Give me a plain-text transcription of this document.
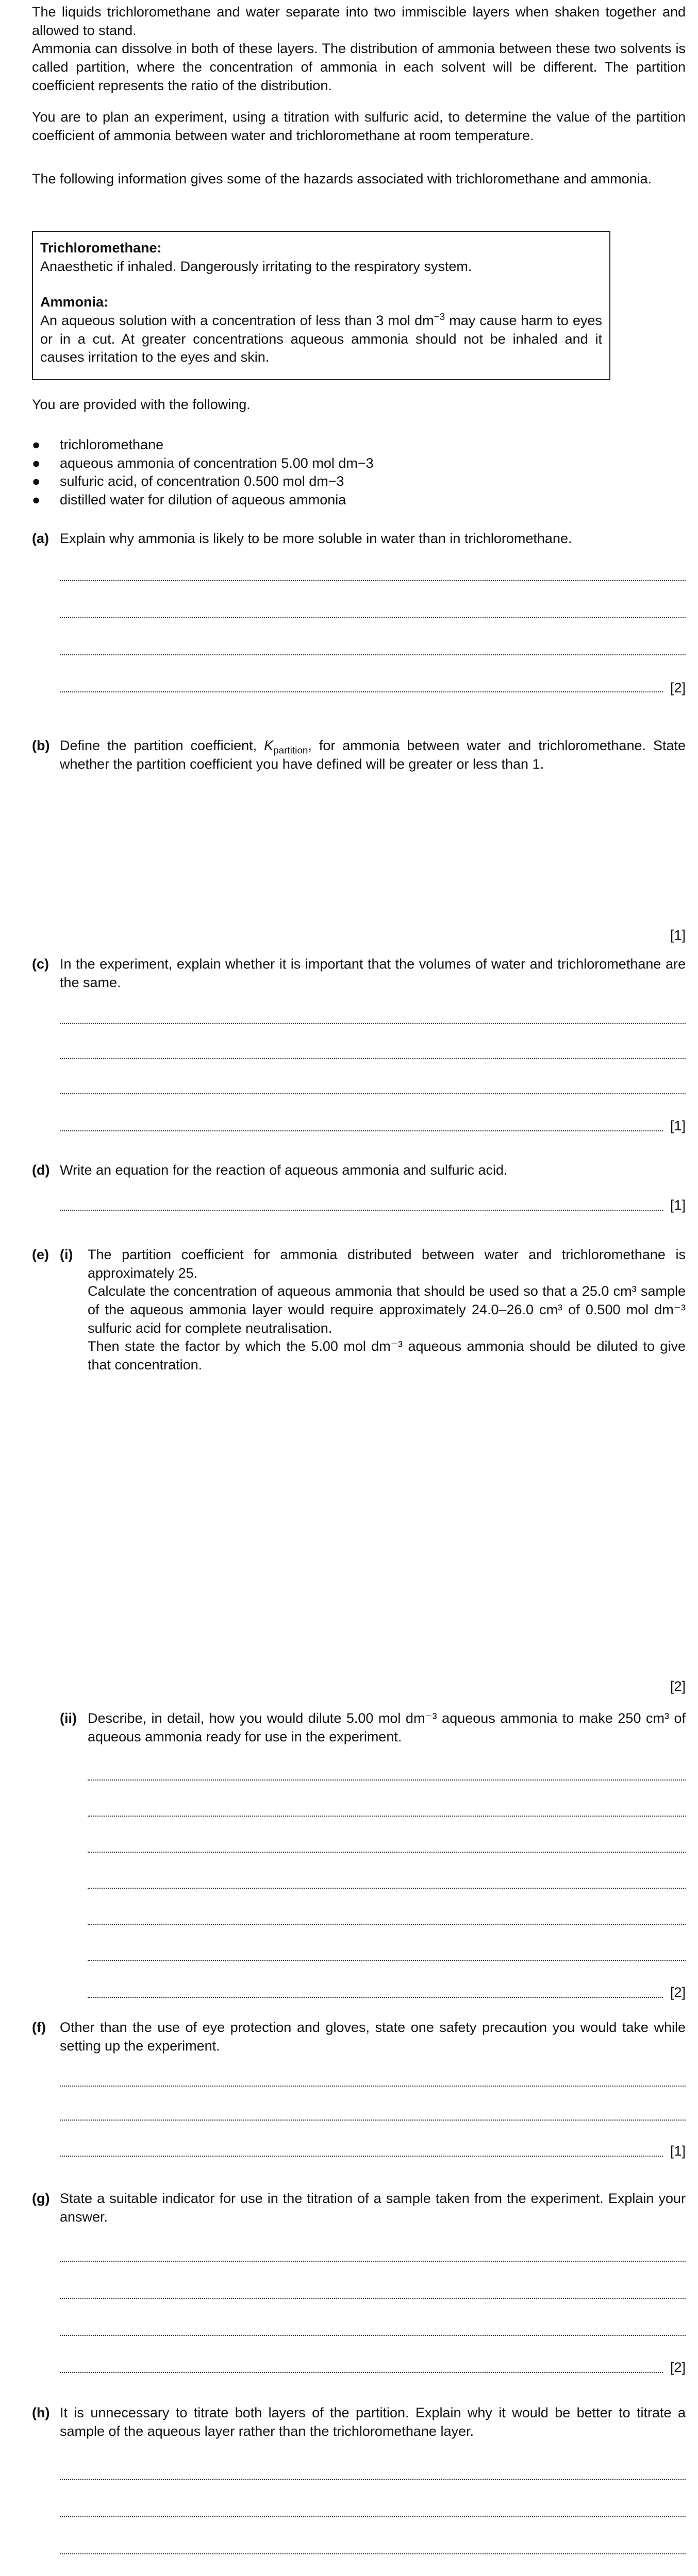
The liquids trichloromethane and water separate into two immiscible layers when shaken together and allowed to stand.

Ammonia can dissolve in both of these layers. The distribution of ammonia between these two solvents is called partition, where the concentration of ammonia in each solvent will be different. The partition coefficient represents the ratio of the distribution.

You are to plan an experiment, using a titration with sulfuric acid, to determine the value of the partition coefficient of ammonia between water and trichloromethane at room temperature.

The following information gives some of the hazards associated with trichloromethane and ammonia.

Trichloromethane:

Anaesthetic if inhaled. Dangerously irritating to the respiratory system.

Ammonia:

An aqueous solution with a concentration of less than 3 mol $dm^{-3}$ may cause harm to eyes or in a cut. At greater concentrations aqueous ammonia should not be inhaled and it causes irritation to the eyes and skin.

You are provided with the following.

●	trichloromethane
●	aqueous ammonia of concentration 5.00 mol dm−3
●	sulfuric acid, of concentration 0.500 mol dm−3
●	distilled water for dilution of aqueous ammonia
(a) Explain why ammonia is likely to be more soluble in water than in trichloromethane.
[2]
(b) Define the partition coefficient, $K_{partition}$, for ammonia between water and trichloromethane. State whether the partition coefficient you have defined will be greater or less than 1.
[1]
(c) In the experiment, explain whether it is important that the volumes of water and trichloromethane are the same.
[1]
(d) Write an equation for the reaction of aqueous ammonia and sulfuric acid.
[1]
(e) (i)	The partition coefficient for ammonia distributed between water and trichloromethane is approximately 25.

Calculate the concentration of aqueous ammonia that should be used so that a 25.0 cm³ sample of the aqueous ammonia layer would require approximately 24.0–26.0 cm³ of 0.500 mol dm⁻³ sulfuric acid for complete neutralisation.

Then state the factor by which the 5.00 mol dm⁻³ aqueous ammonia should be diluted to give that concentration.

[2]
(ii) Describe, in detail, how you would dilute 5.00 mol dm⁻³ aqueous ammonia to make 250 cm³ of aqueous ammonia ready for use in the experiment.
[2]
(f)	Other than the use of eye protection and gloves, state one safety precaution you would take while setting up the experiment.
[1]
(g) State a suitable indicator for use in the titration of a sample taken from the experiment. Explain your answer.
[2]
(h) It is unnecessary to titrate both layers of the partition. Explain why it would be better to titrate a sample of the aqueous layer rather than the trichloromethane layer.
